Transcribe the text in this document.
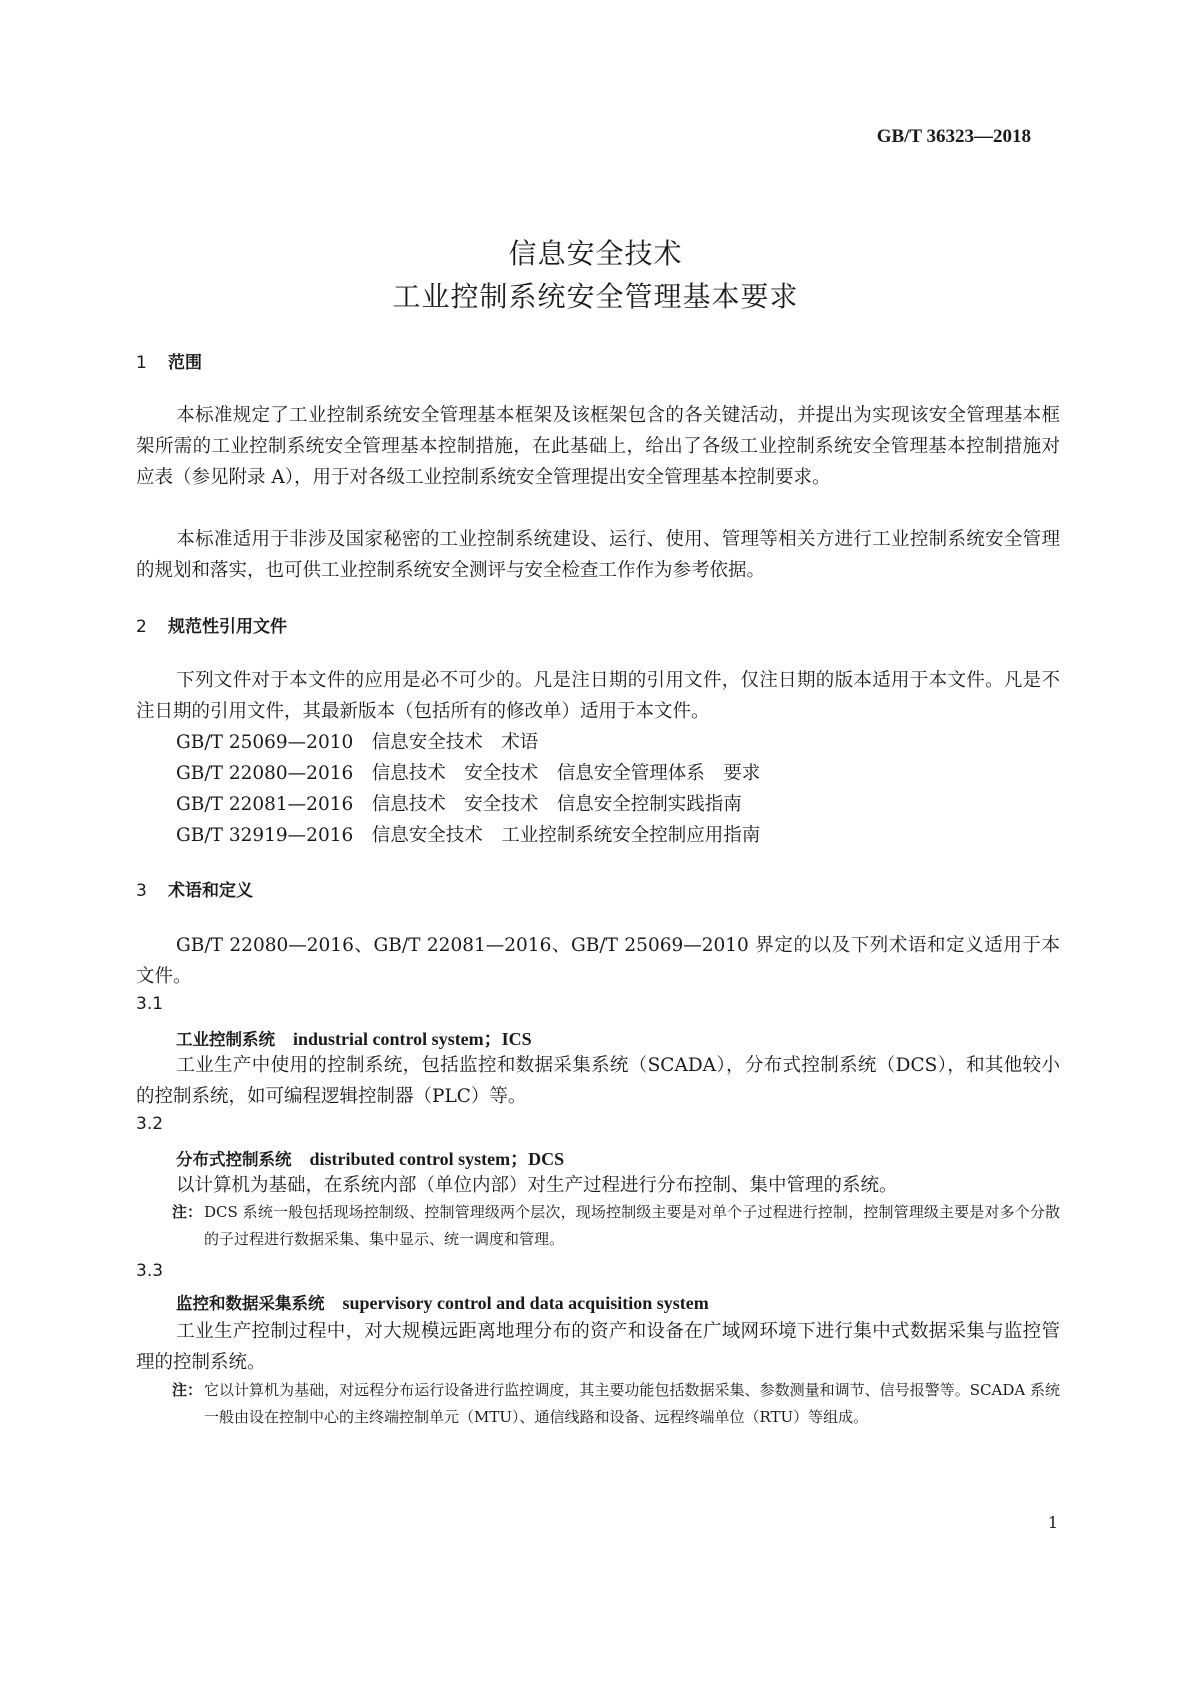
GB/T 36323—2018
信息安全技术
工业控制系统安全管理基本要求
1 范围
本标准规定了工业控制系统安全管理基本框架及该框架包含的各关键活动，并提出为实现该安全管理基本框架所需的工业控制系统安全管理基本控制措施，在此基础上，给出了各级工业控制系统安全管理基本控制措施对应表（参见附录 A），用于对各级工业控制系统安全管理提出安全管理基本控制要求。
本标准适用于非涉及国家秘密的工业控制系统建设、运行、使用、管理等相关方进行工业控制系统安全管理的规划和落实，也可供工业控制系统安全测评与安全检查工作作为参考依据。
2 规范性引用文件
下列文件对于本文件的应用是必不可少的。凡是注日期的引用文件，仅注日期的版本适用于本文件。凡是不注日期的引用文件，其最新版本（包括所有的修改单）适用于本文件。
GB/T 25069—2010　信息安全技术　术语
GB/T 22080—2016　信息技术　安全技术　信息安全管理体系　要求
GB/T 22081—2016　信息技术　安全技术　信息安全控制实践指南
GB/T 32919—2016　信息安全技术　工业控制系统安全控制应用指南
3 术语和定义
GB/T 22080—2016、GB/T 22081—2016、GB/T 25069—2010 界定的以及下列术语和定义适用于本文件。
3.1
工业控制系统 industrial control system；ICS
工业生产中使用的控制系统，包括监控和数据采集系统（SCADA），分布式控制系统（DCS），和其他较小的控制系统，如可编程逻辑控制器（PLC）等。
3.2
分布式控制系统 distributed control system；DCS
以计算机为基础，在系统内部（单位内部）对生产过程进行分布控制、集中管理的系统。
注： DCS 系统一般包括现场控制级、控制管理级两个层次，现场控制级主要是对单个子过程进行控制，控制管理级主要是对多个分散的子过程进行数据采集、集中显示、统一调度和管理。
3.3
监控和数据采集系统 supervisory control and data acquisition system
工业生产控制过程中，对大规模远距离地理分布的资产和设备在广域网环境下进行集中式数据采集与监控管理的控制系统。
注： 它以计算机为基础，对远程分布运行设备进行监控调度，其主要功能包括数据采集、参数测量和调节、信号报警等。SCADA 系统一般由设在控制中心的主终端控制单元（MTU）、通信线路和设备、远程终端单位（RTU）等组成。
1
